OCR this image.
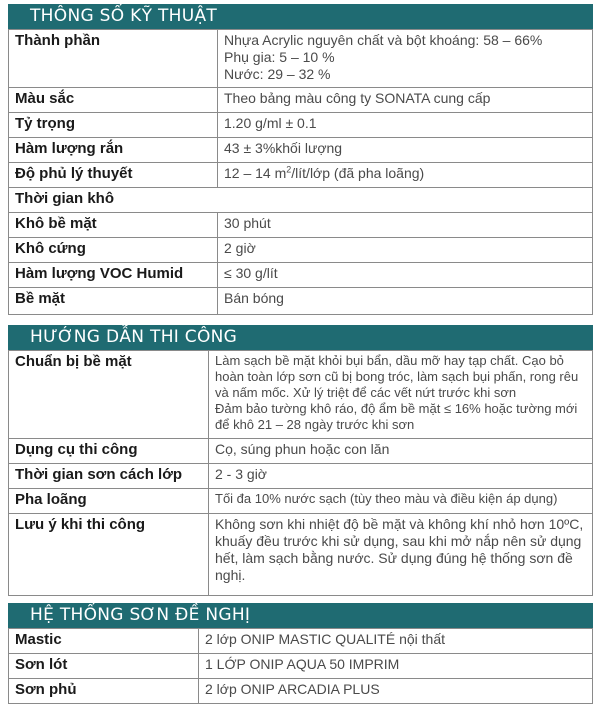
THÔNG SỐ KỸ THUẬT
Thành phần	Nhựa Acrylic nguyên chất và bột khoáng: 58 – 66%
Phụ gia: 5 – 10 %
Nước: 29 – 32 %

Màu sắc	Theo bảng màu công ty SONATA cung cấp
Tỷ trọng	1.20 g/ml ± 0.1
Hàm lượng rắn	43 ± 3%khối lượng
Độ phủ lý thuyết	12 – 14 $m^2/lít$/lớp (đã pha loãng)
Thời gian khô	
Khô bề mặt	30 phút
Khô cứng	2 giờ
Hàm lượng VOC Humid	≤ 30 g/lít
Bề mặt	Bán bóng
HƯỚNG DẪN THI CÔNG
Chuẩn bị bề mặt	Làm sạch bề mặt khỏi bụi bẩn, dầu mỡ hay tạp chất. Cạo bỏ hoàn toàn lớp sơn cũ bị bong tróc, làm sạch bụi phấn, rong rêu và nấm mốc. Xử lý triệt để các vết nứt trước khi sơn
Đảm bảo tường khô ráo, độ ẩm bề mặt ≤ 16% hoặc tường mới để khô 21 – 28 ngày trước khi sơn

Dụng cụ thi công	Cọ, súng phun hoặc con lăn
Thời gian sơn cách lớp	2 - 3 giờ
Pha loãng	Tối đa 10% nước sạch (tùy theo màu và điều kiện áp dụng)
Lưu ý khi thi công	Không sơn khi nhiệt độ bề mặt và không khí nhỏ hơn 10ºC, khuấy đều trước khi sử dụng, sau khi mở nắp nên sử dụng hết, làm sạch bằng nước. Sử dụng đúng hệ thống sơn đề nghị.
HỆ THỐNG SƠN ĐỀ NGHỊ
Mastic	2 lớp ONIP MASTIC QUALITÉ nội thất
Sơn lót	1 LỚP ONIP AQUA 50 IMPRIM
Sơn phủ	2 lớp ONIP ARCADIA PLUS
